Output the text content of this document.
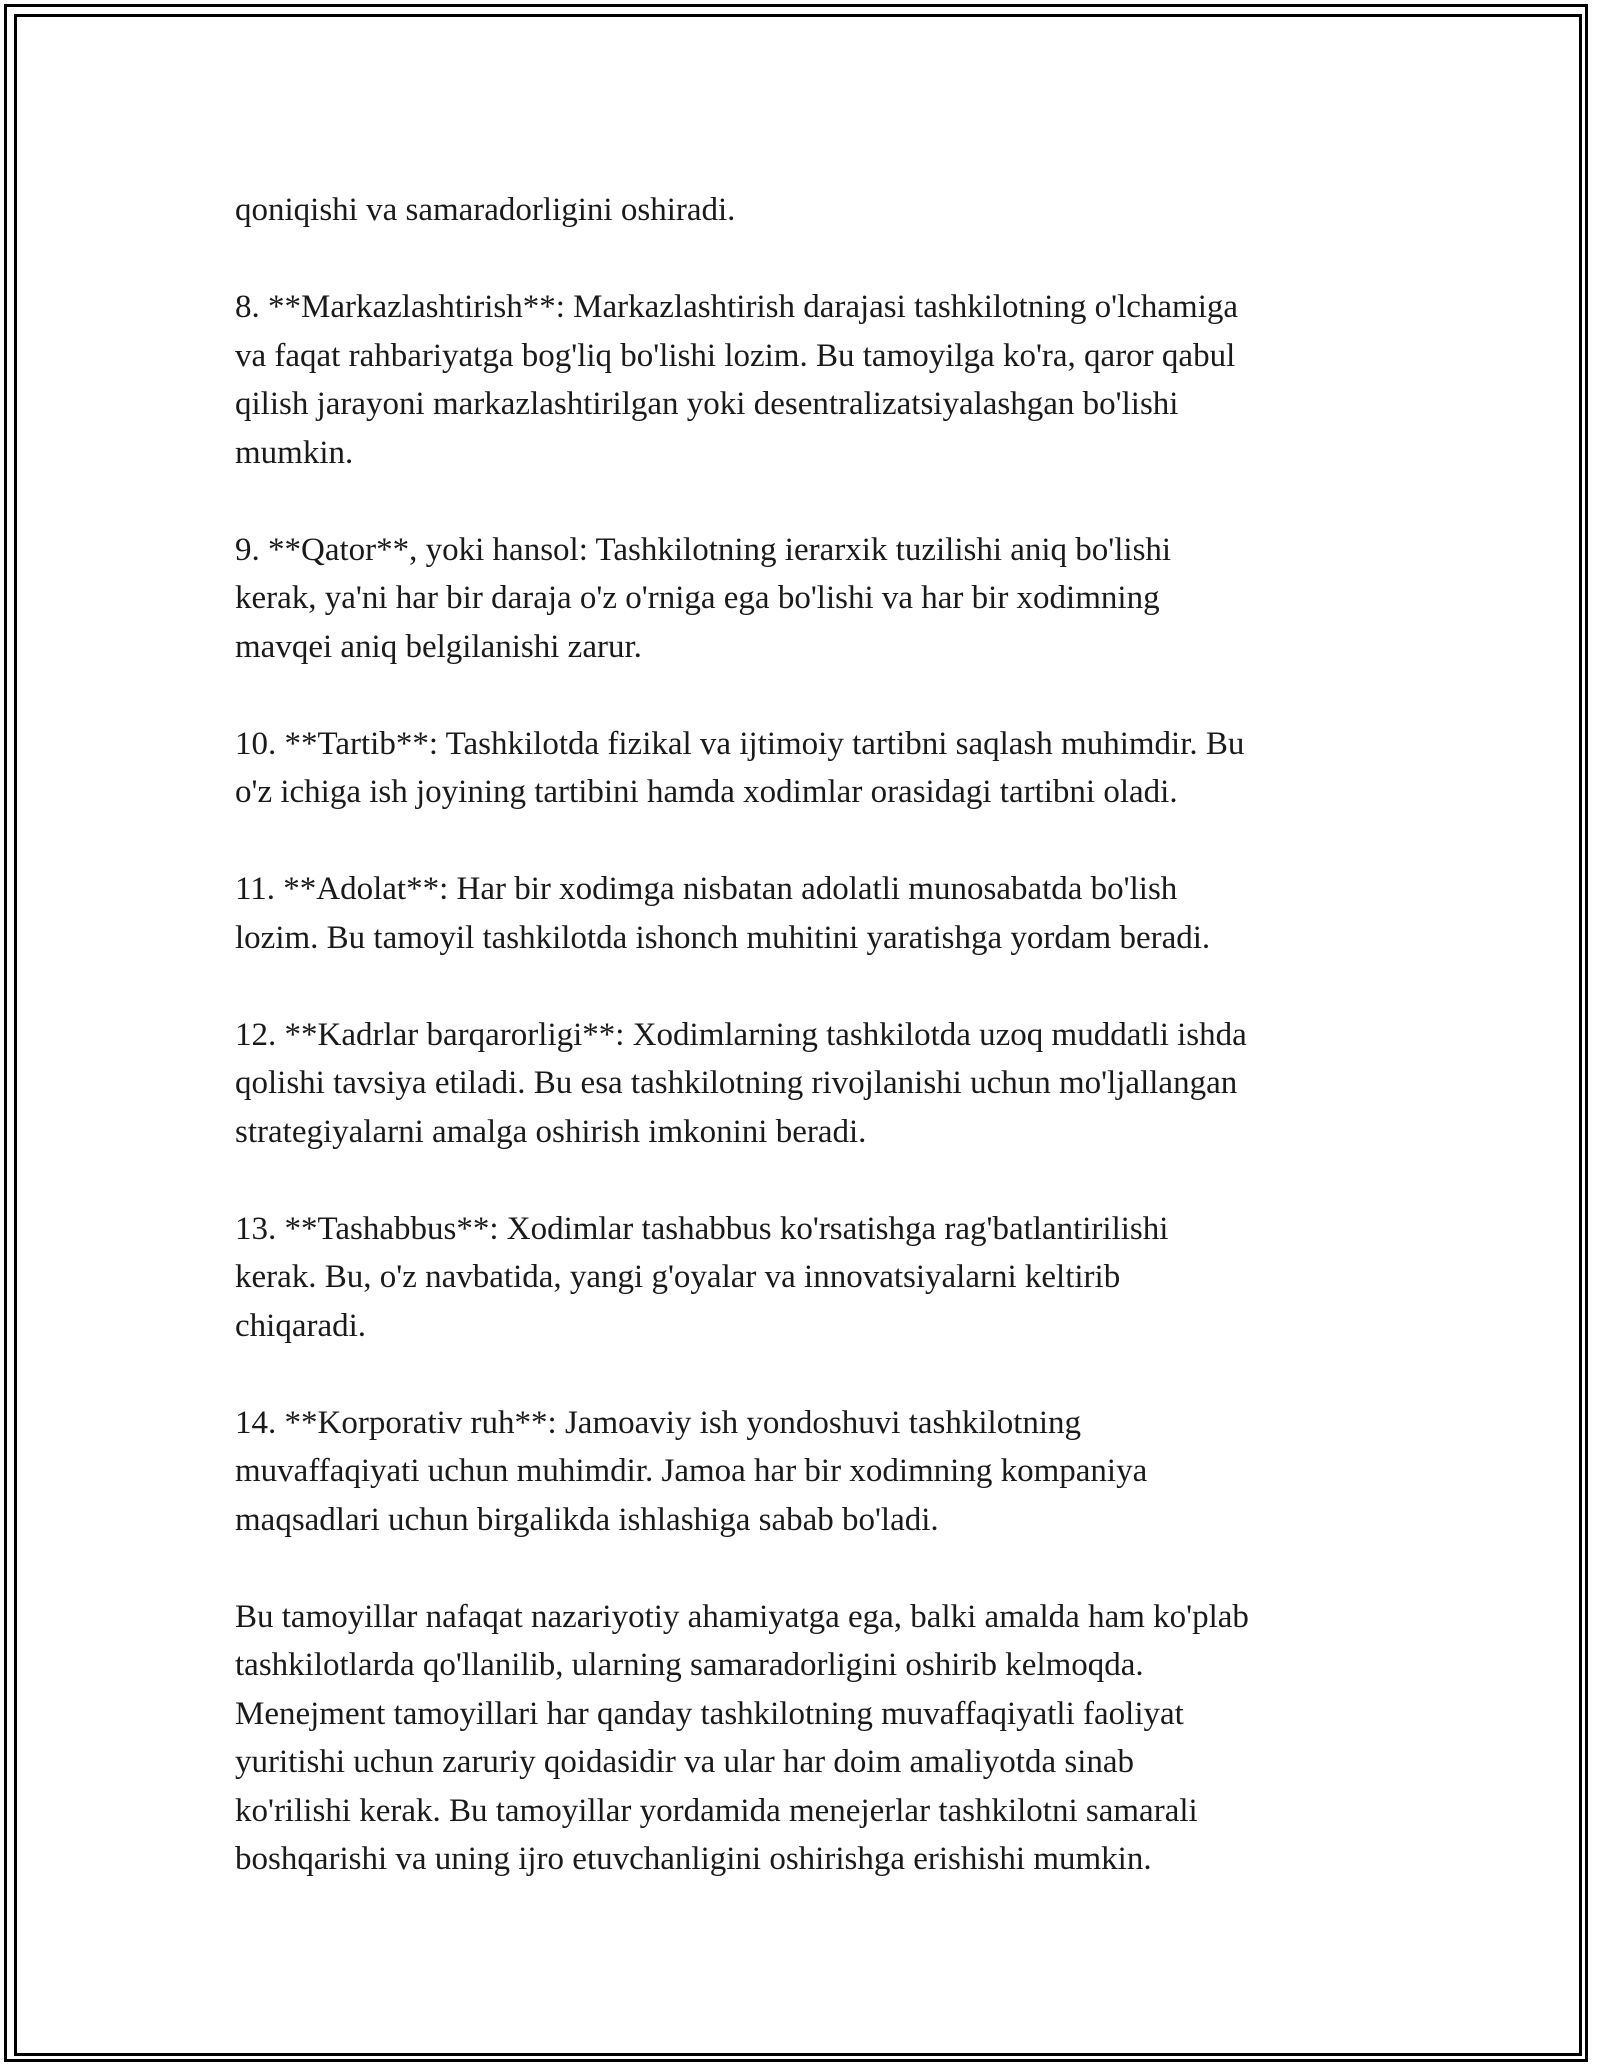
qoniqishi va samaradorligini oshiradi.

8. **Markazlashtirish**: Markazlashtirish darajasi tashkilotning o'lchamiga
va faqat rahbariyatga bog'liq bo'lishi lozim. Bu tamoyilga ko'ra, qaror qabul
qilish jarayoni markazlashtirilgan yoki desentralizatsiyalashgan bo'lishi
mumkin.

9. **Qator**, yoki hansol: Tashkilotning ierarxik tuzilishi aniq bo'lishi
kerak, ya'ni har bir daraja o'z o'rniga ega bo'lishi va har bir xodimning
mavqei aniq belgilanishi zarur.

10. **Tartib**: Tashkilotda fizikal va ijtimoiy tartibni saqlash muhimdir. Bu
o'z ichiga ish joyining tartibini hamda xodimlar orasidagi tartibni oladi.

11. **Adolat**: Har bir xodimga nisbatan adolatli munosabatda bo'lish
lozim. Bu tamoyil tashkilotda ishonch muhitini yaratishga yordam beradi.

12. **Kadrlar barqarorligi**: Xodimlarning tashkilotda uzoq muddatli ishda
qolishi tavsiya etiladi. Bu esa tashkilotning rivojlanishi uchun mo'ljallangan
strategiyalarni amalga oshirish imkonini beradi.

13. **Tashabbus**: Xodimlar tashabbus ko'rsatishga rag'batlantirilishi
kerak. Bu, o'z navbatida, yangi g'oyalar va innovatsiyalarni keltirib
chiqaradi.

14. **Korporativ ruh**: Jamoaviy ish yondoshuvi tashkilotning
muvaffaqiyati uchun muhimdir. Jamoa har bir xodimning kompaniya
maqsadlari uchun birgalikda ishlashiga sabab bo'ladi.

Bu tamoyillar nafaqat nazariyotiy ahamiyatga ega, balki amalda ham ko'plab
tashkilotlarda qo'llanilib, ularning samaradorligini oshirib kelmoqda.
Menejment tamoyillari har qanday tashkilotning muvaffaqiyatli faoliyat
yuritishi uchun zaruriy qoidasidir va ular har doim amaliyotda sinab
ko'rilishi kerak. Bu tamoyillar yordamida menejerlar tashkilotni samarali
boshqarishi va uning ijro etuvchanligini oshirishga erishishi mumkin.
